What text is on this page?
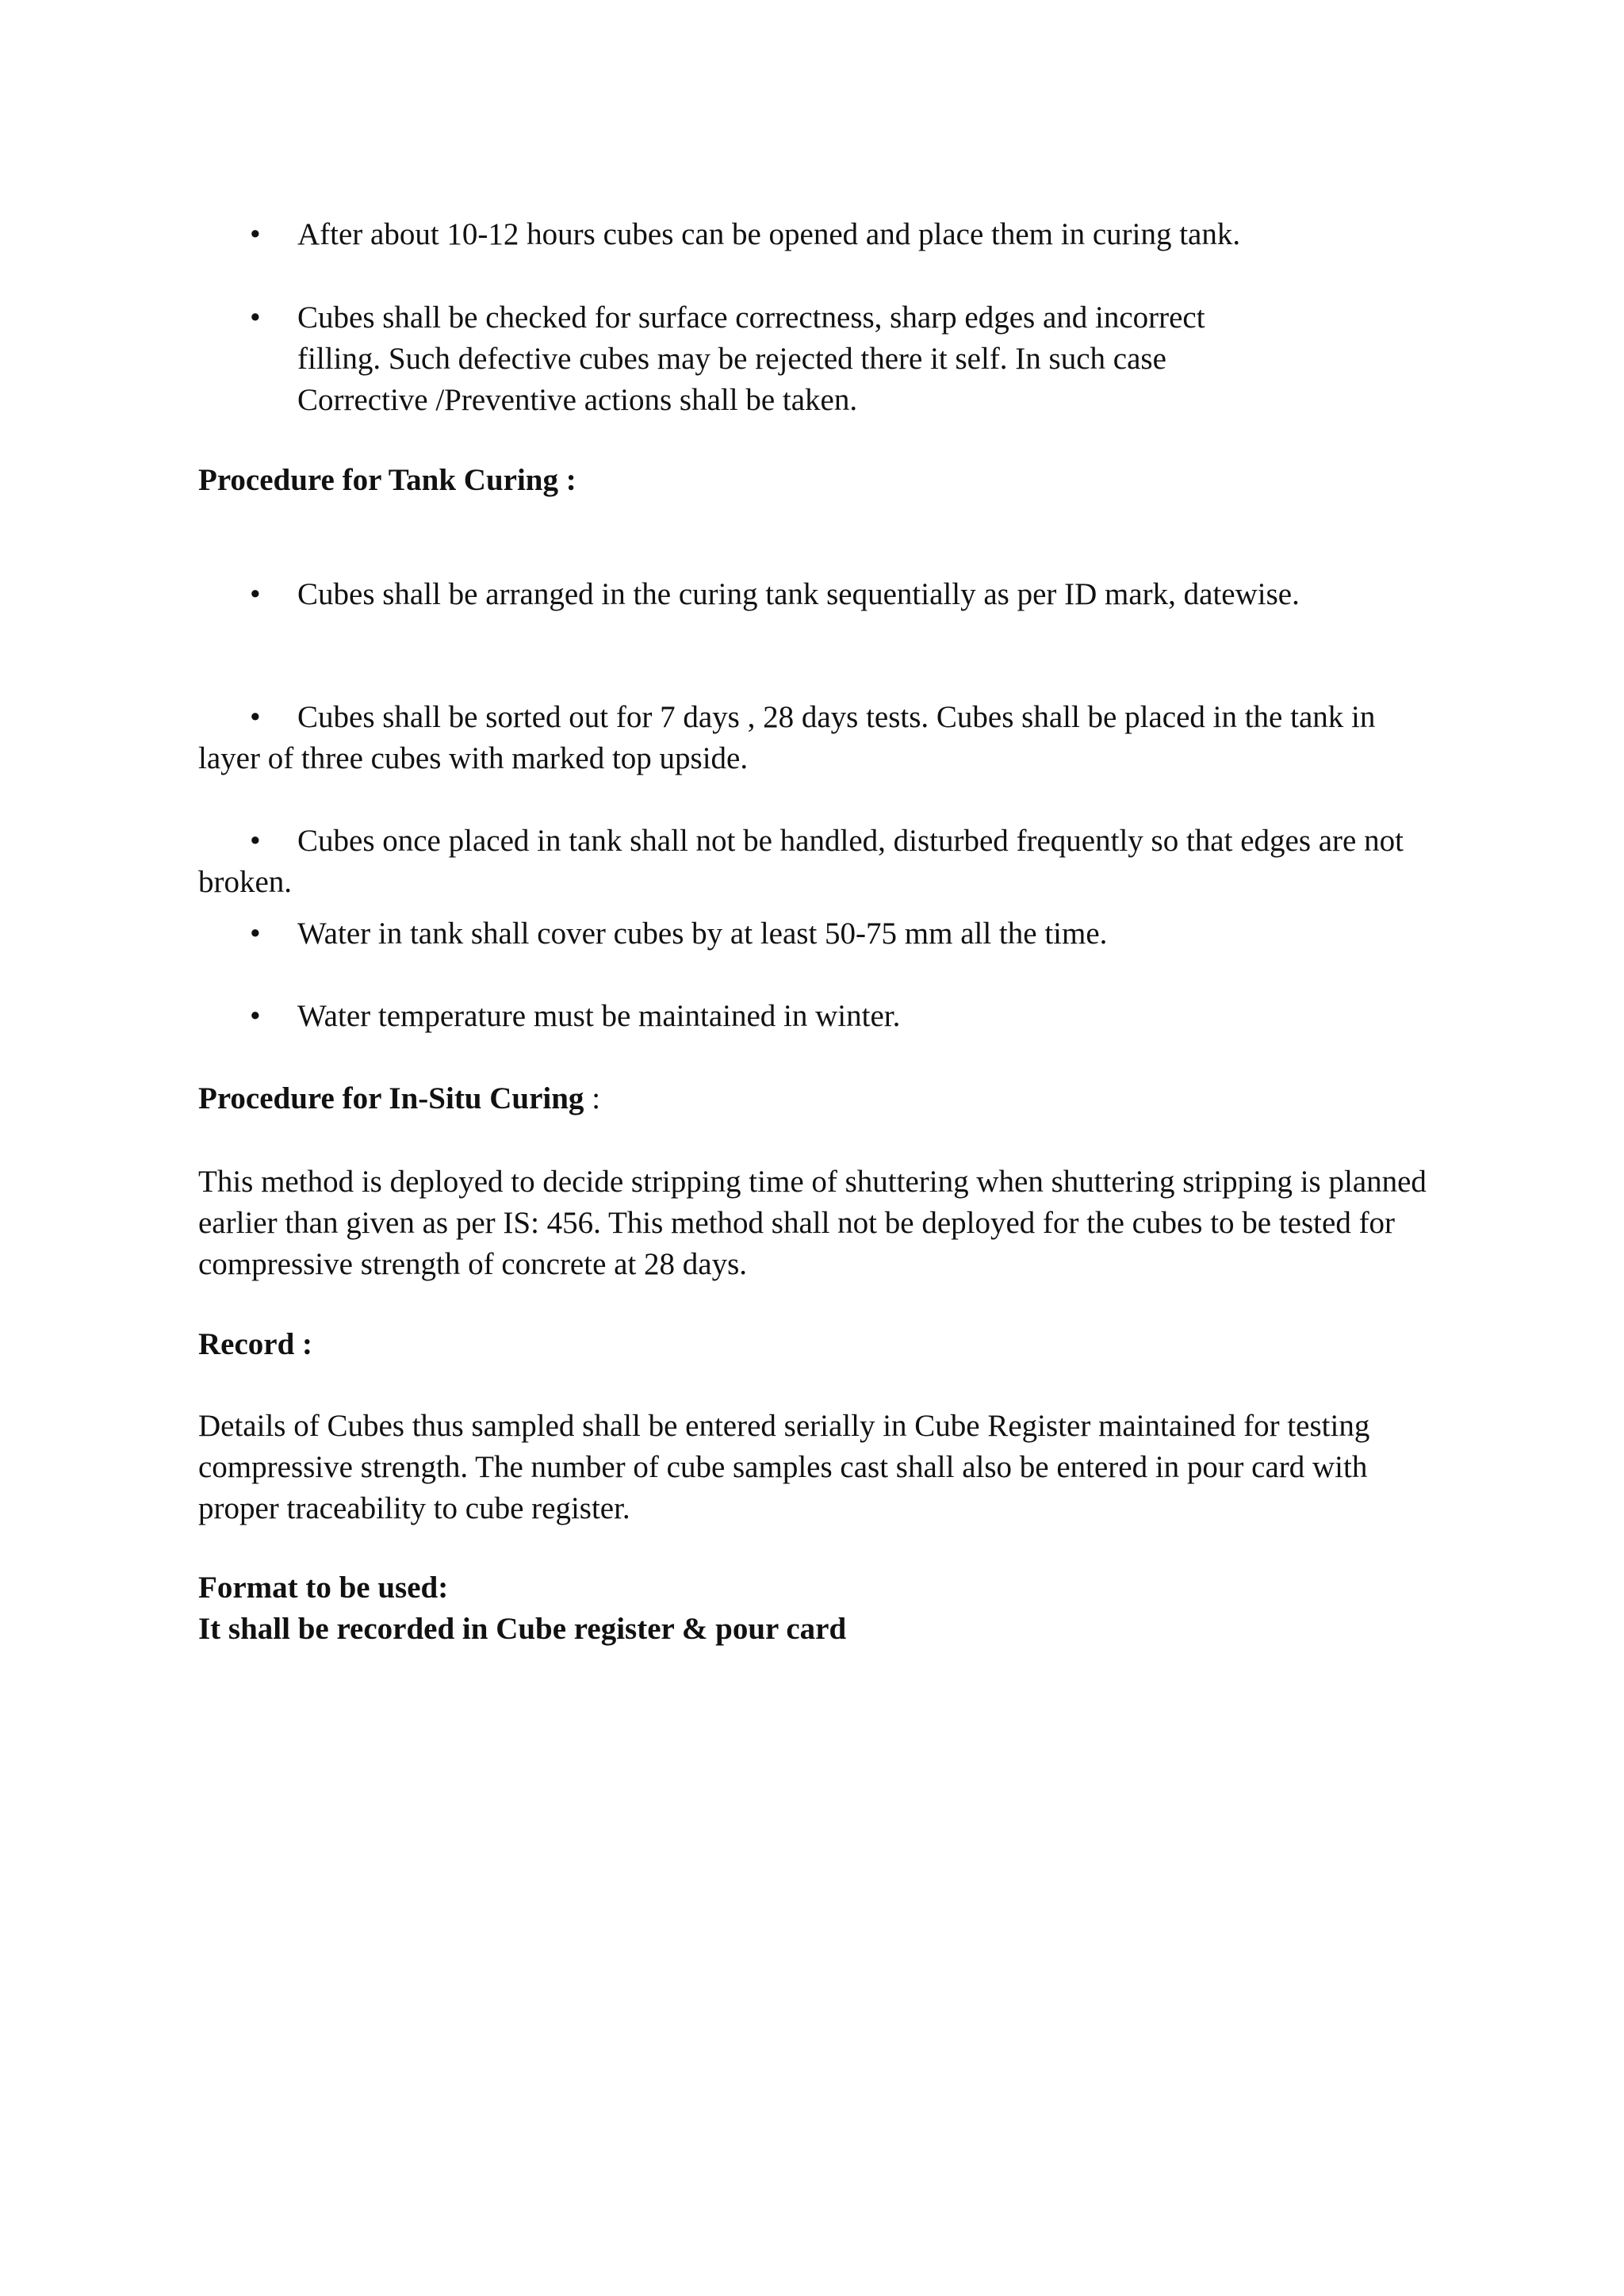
• After about 10-12 hours cubes can be opened and place them in curing tank.
• Cubes shall be checked for surface correctness, sharp edges and incorrect
filling. Such defective cubes may be rejected there it self. In such case
Corrective /Preventive actions shall be taken.
Procedure for Tank Curing :

• Cubes shall be arranged in the curing tank sequentially as per ID mark, datewise.

• Cubes shall be sorted out for 7 days , 28 days tests. Cubes shall be placed in the tank in layer of three cubes with marked top upside.

• Cubes once placed in tank shall not be handled, disturbed frequently so that edges are not broken.

• Water in tank shall cover cubes by at least 50-75 mm all the time.
• Water temperature must be maintained in winter.
Procedure for In-Situ Curing :

This method is deployed to decide stripping time of shuttering when shuttering stripping is planned earlier than given as per IS: 456. This method shall not be deployed for the cubes to be tested for compressive strength of concrete at 28 days.

Record :

Details of Cubes thus sampled shall be entered serially in Cube Register maintained for testing compressive strength. The number of cube samples cast shall also be entered in pour card with proper traceability to cube register.

Format to be used:
It shall be recorded in Cube register & pour card
